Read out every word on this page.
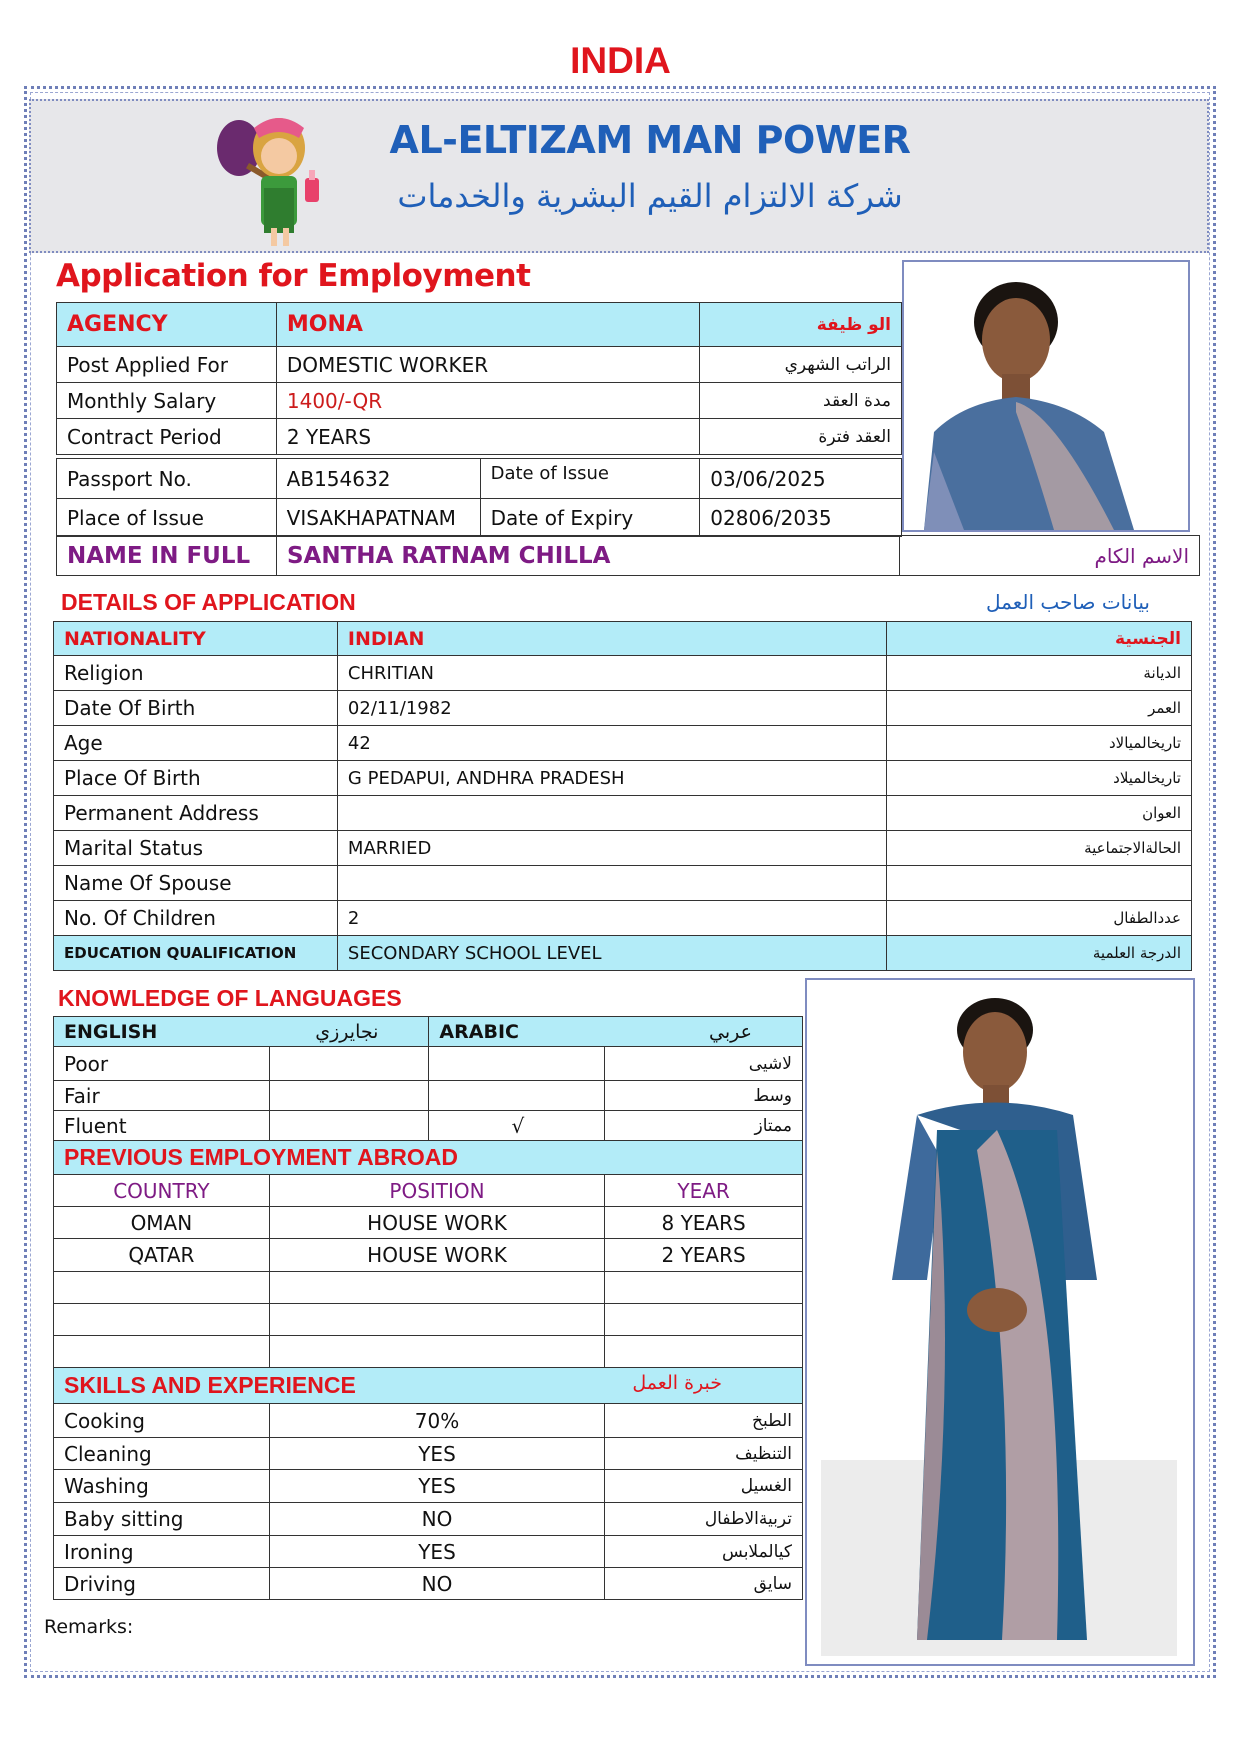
INDIA
AL-ELTIZAM MAN POWER
شركة الالتزام القيم البشرية والخدمات
Application for Employment
AGENCY	MONA	الو ظيفة
Post Applied For	DOMESTIC WORKER	الراتب الشهري
Monthly Salary	1400/-QR	مدة العقد
Contract Period	2 YEARS	العقد فترة
Passport No.	AB154632	Date of Issue	03/06/2025
Place of Issue	VISAKHAPATNAM	Date of Expiry	02806/2035
NAME IN FULL	SANTHA RATNAM CHILLA	الاسم الكام
DETAILS OF APPLICATION	بيانات صاحب العمل
NATIONALITY	INDIAN	الجنسية
Religion	CHRITIAN	الديانة
Date Of Birth	02/11/1982	العمر
Age	42	تاريخالميالاد
Place Of Birth	G PEDAPUI, ANDHRA PRADESH	تاريخالميلاد
Permanent Address		العوان
Marital Status	MARRIED	الحالةالاجتماعية
Name Of Spouse		
No. Of Children	2	عددالطفال
EDUCATION QUALIFICATION	SECONDARY SCHOOL LEVEL	الدرجة العلمية
KNOWLEDGE OF LANGUAGES
ENGLISH نجايرزي		ARABIC عربي	

Poor			لاشيى
Fair			وسط
Fluent		√	ممتاز
PREVIOUS EMPLOYMENT ABROAD			
COUNTRY	POSITION		YEAR
OMAN	HOUSE WORK		8 YEARS
QATAR	HOUSE WORK		2 YEARS

SKILLS AND EXPERIENCE خبرة العمل			

Cooking	70%		الطبخ
Cleaning	YES		التنظيف
Washing	YES		الغسيل
Baby sitting	NO		تربيةالاطفال
Ironing	YES		كيالملابس
Driving	NO		سايق
Remarks:
